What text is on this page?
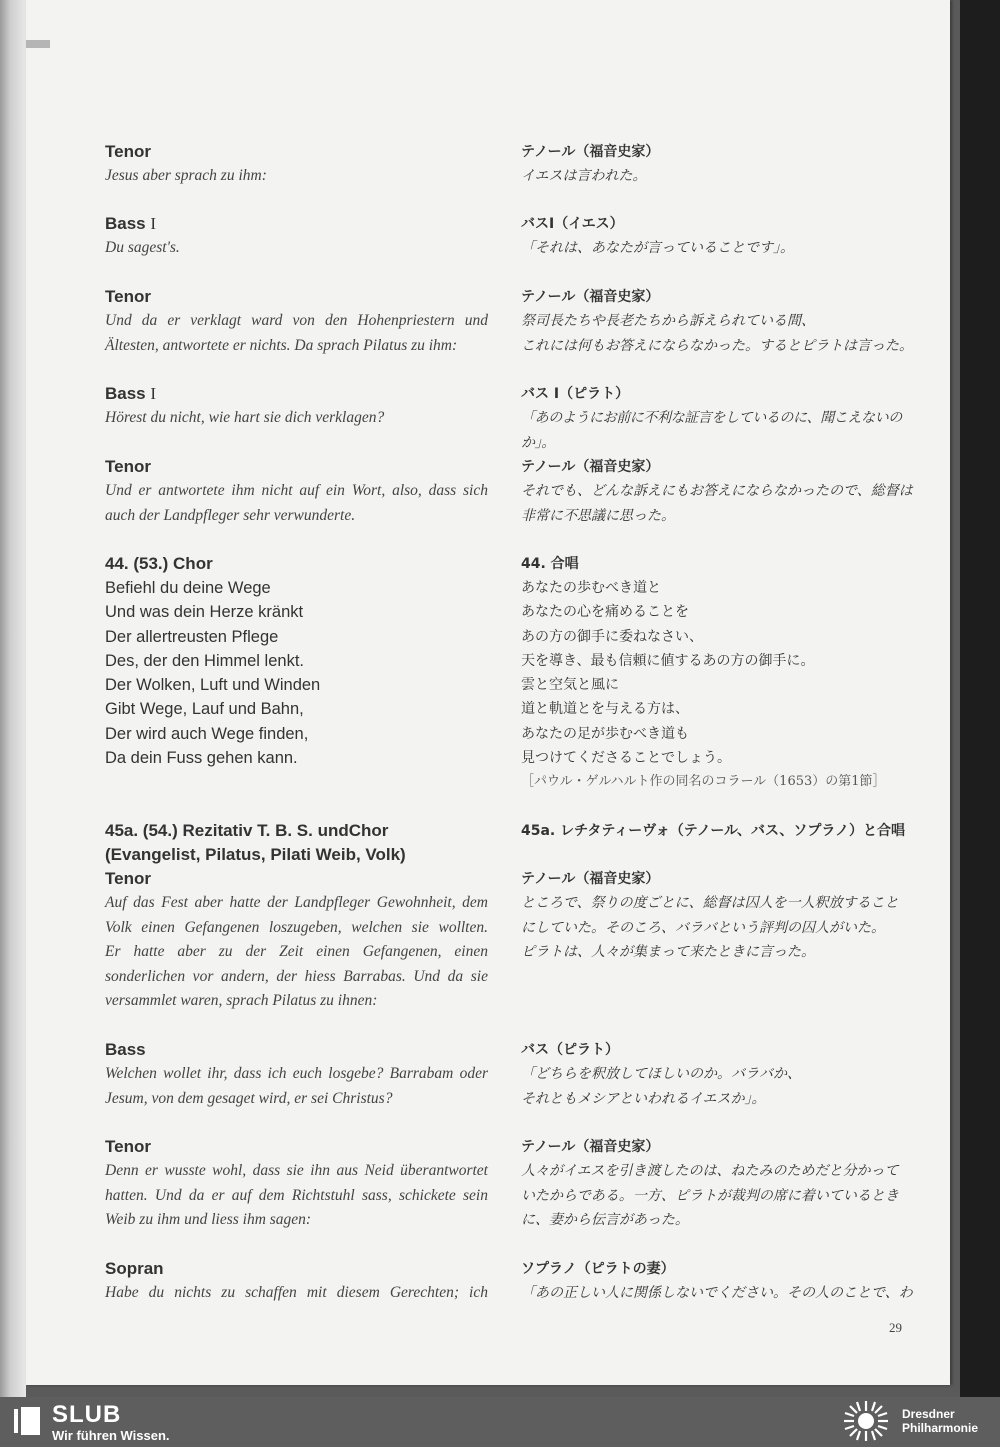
Tenor

Jesus aber sprach zu ihm:

Bass I

Du sagest's.

Tenor

Und da er verklagt ward von den Hohenpriestern und

Ältesten, antwortete er nichts. Da sprach Pilatus zu ihm:

Bass I

Hörest du nicht, wie hart sie dich verklagen?

Tenor

Und er antwortete ihm nicht auf ein Wort, also, dass sich

auch der Landpfleger sehr verwunderte.

44. (53.) Chor

Befiehl du deine Wege

Und was dein Herze kränkt

Der allertreusten Pflege

Des, der den Himmel lenkt.

Der Wolken, Luft und Winden

Gibt Wege, Lauf und Bahn,

Der wird auch Wege finden,

Da dein Fuss gehen kann.

45a. (54.) Rezitativ T. B. S. undChor

(Evangelist, Pilatus, Pilati Weib, Volk)

Tenor

Auf das Fest aber hatte der Landpfleger Gewohnheit, dem

Volk einen Gefangenen loszugeben, welchen sie wollten.

Er hatte aber zu der Zeit einen Gefangenen, einen

sonderlichen vor andern, der hiess Barrabas. Und da sie

versammlet waren, sprach Pilatus zu ihnen:

Bass

Welchen wollet ihr, dass ich euch losgebe? Barrabam oder

Jesum, von dem gesaget wird, er sei Christus?

Tenor

Denn er wusste wohl, dass sie ihn aus Neid überantwortet

hatten. Und da er auf dem Richtstuhl sass, schickete sein

Weib zu ihm und liess ihm sagen:

Sopran

Habe du nichts zu schaffen mit diesem Gerechten; ich

テノール（福音史家）

イエスは言われた。

バスⅠ（イエス）

「それは、あなたが言っていることです」。

テノール（福音史家）

祭司長たちや長老たちから訴えられている間、

これには何もお答えにならなかった。するとピラトは言った。

バス Ⅰ（ピラト）

「あのようにお前に不利な証言をしているのに、聞こえないのか」。

テノール（福音史家）

それでも、どんな訴えにもお答えにならなかったので、総督は

非常に不思議に思った。

44. 合唱

あなたの歩むべき道と

あなたの心を痛めることを

あの方の御手に委ねなさい、

天を導き、最も信頼に値するあの方の御手に。

雲と空気と風に

道と軌道とを与える方は、

あなたの足が歩むべき道も

見つけてくださることでしょう。

［パウル・ゲルハルト作の同名のコラール（1653）の第1節］

45a. レチタティーヴォ（テノール、バス、ソプラノ）と合唱

テノール（福音史家）

ところで、祭りの度ごとに、総督は囚人を一人釈放すること

にしていた。そのころ、バラバという評判の囚人がいた。

ピラトは、人々が集まって来たときに言った。

バス（ピラト）

「どちらを釈放してほしいのか。バラバか、

それともメシアといわれるイエスか」。

テノール（福音史家）

人々がイエスを引き渡したのは、ねたみのためだと分かって

いたからである。一方、ピラトが裁判の席に着いているとき

に、妻から伝言があった。

ソプラノ（ピラトの妻）

「あの正しい人に関係しないでください。その人のことで、わ

29
SLUB
Wir führen Wissen.
Dresdner
Philharmonie
